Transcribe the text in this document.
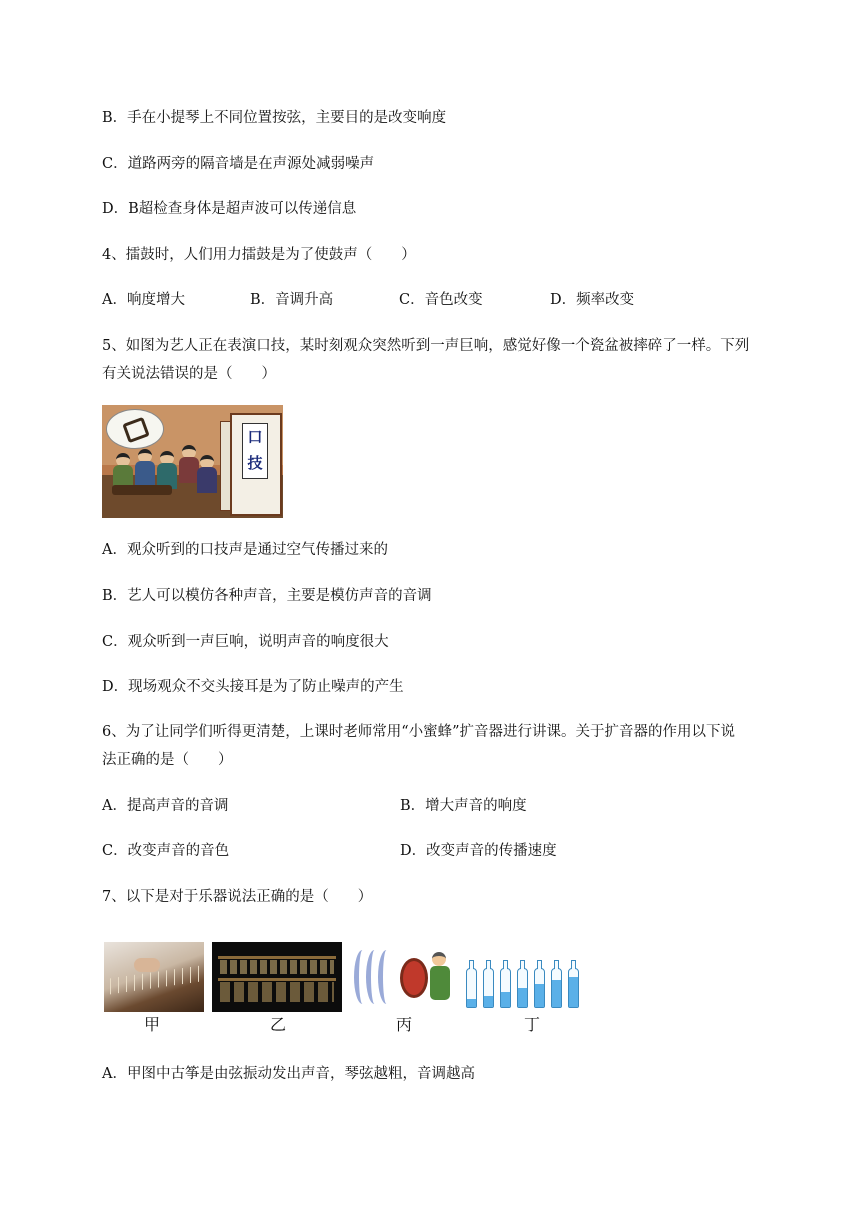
B．手在小提琴上不同位置按弦，主要目的是改变响度
C．道路两旁的隔音墙是在声源处减弱噪声
D．B超检查身体是超声波可以传递信息
4、擂鼓时，人们用力擂鼓是为了使鼓声（　　）
A．响度增大	B．音调升高	C．音色改变	D．频率改变
5、如图为艺人正在表演口技，某时刻观众突然听到一声巨响，感觉好像一个瓷盆被摔碎了一样。下列
有关说法错误的是（　　）
口技
A．观众听到的口技声是通过空气传播过来的
B．艺人可以模仿各种声音，主要是模仿声音的音调
C．观众听到一声巨响，说明声音的响度很大
D．现场观众不交头接耳是为了防止噪声的产生
6、为了让同学们听得更清楚，上课时老师常用“小蜜蜂”扩音器进行讲课。关于扩音器的作用以下说
法正确的是（　　）
A．提高声音的音调	B．增大声音的响度
C．改变声音的音色	D．改变声音的传播速度
7、以下是对于乐器说法正确的是（　　）
甲	乙	丙	丁
A．甲图中古筝是由弦振动发出声音，琴弦越粗，音调越高
